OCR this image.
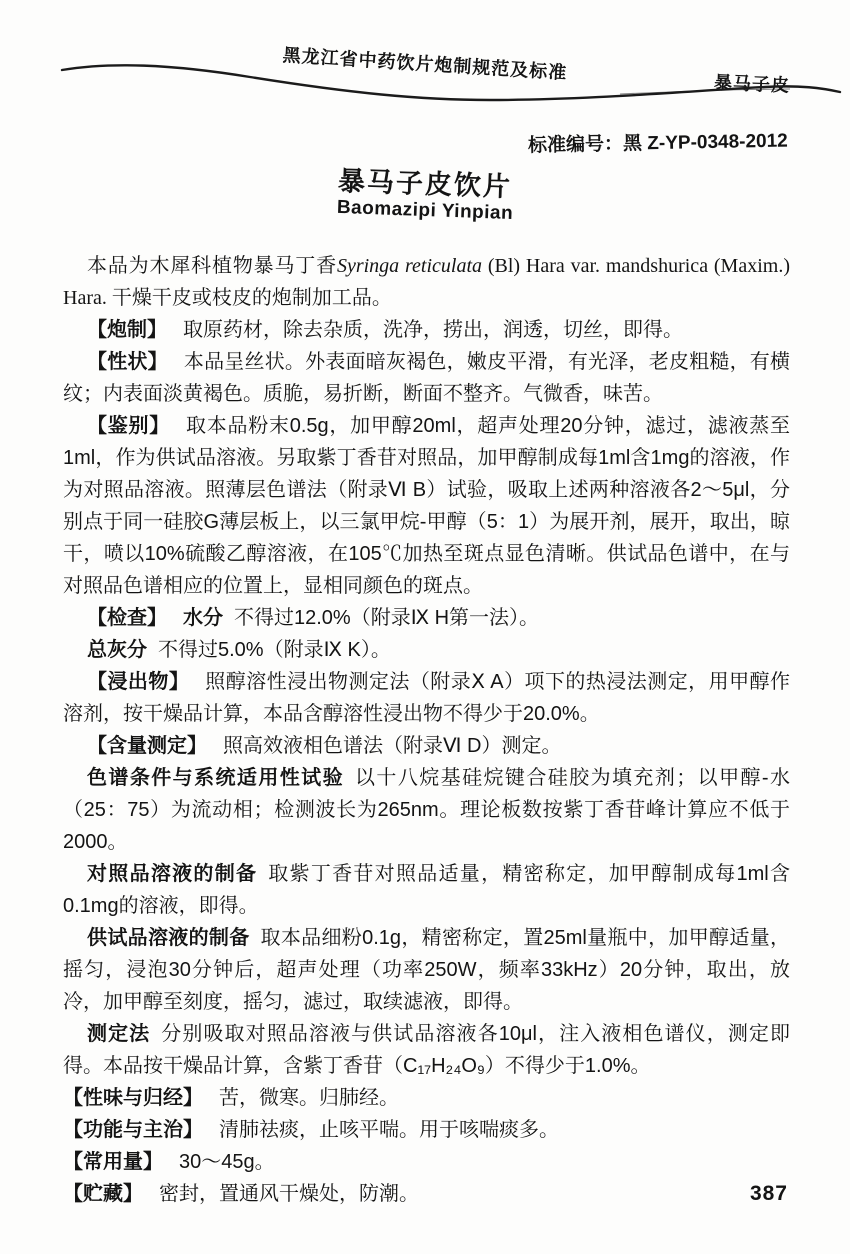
黑龙江省中药饮片炮制规范及标准
暴马子皮
标准编号：黑 Z-YP-0348-2012
暴马子皮饮片
Baomazipi Yinpian

本品为木犀科植物暴马丁香Syringa reticulata (Bl) Hara var. mandshurica (Maxim.) Hara. 干燥干皮或枝皮的炮制加工品。

【炮制】 取原药材，除去杂质，洗净，捞出，润透，切丝，即得。

【性状】 本品呈丝状。外表面暗灰褐色，嫩皮平滑，有光泽，老皮粗糙，有横纹；内表面淡黄褐色。质脆，易折断，断面不整齐。气微香，味苦。

【鉴别】 取本品粉末0.5g，加甲醇20ml，超声处理20分钟，滤过，滤液蒸至1ml，作为供试品溶液。另取紫丁香苷对照品，加甲醇制成每1ml含1mg的溶液，作为对照品溶液。照薄层色谱法（附录Ⅵ B）试验，吸取上述两种溶液各2～5μl，分别点于同一硅胶G薄层板上，以三氯甲烷-甲醇（5：1）为展开剂，展开，取出，晾干，喷以10%硫酸乙醇溶液，在105℃加热至斑点显色清晰。供试品色谱中，在与对照品色谱相应的位置上，显相同颜色的斑点。

【检查】 水分 不得过12.0%（附录Ⅸ H第一法）。

总灰分 不得过5.0%（附录Ⅸ K）。

【浸出物】 照醇溶性浸出物测定法（附录Ⅹ A）项下的热浸法测定，用甲醇作溶剂，按干燥品计算，本品含醇溶性浸出物不得少于20.0%。

【含量测定】 照高效液相色谱法（附录Ⅵ D）测定。

色谱条件与系统适用性试验 以十八烷基硅烷键合硅胶为填充剂；以甲醇-水（25：75）为流动相；检测波长为265nm。理论板数按紫丁香苷峰计算应不低于2000。

对照品溶液的制备 取紫丁香苷对照品适量，精密称定，加甲醇制成每1ml含0.1mg的溶液，即得。

供试品溶液的制备 取本品细粉0.1g，精密称定，置25ml量瓶中，加甲醇适量，摇匀，浸泡30分钟后，超声处理（功率250W，频率33kHz）20分钟，取出，放冷，加甲醇至刻度，摇匀，滤过，取续滤液，即得。

测定法 分别吸取对照品溶液与供试品溶液各10μl，注入液相色谱仪，测定即得。本品按干燥品计算，含紫丁香苷（C₁₇H₂₄O₉）不得少于1.0%。

【性味与归经】 苦，微寒。归肺经。

【功能与主治】 清肺祛痰，止咳平喘。用于咳喘痰多。

【常用量】 30～45g。

【贮藏】 密封，置通风干燥处，防潮。	387
